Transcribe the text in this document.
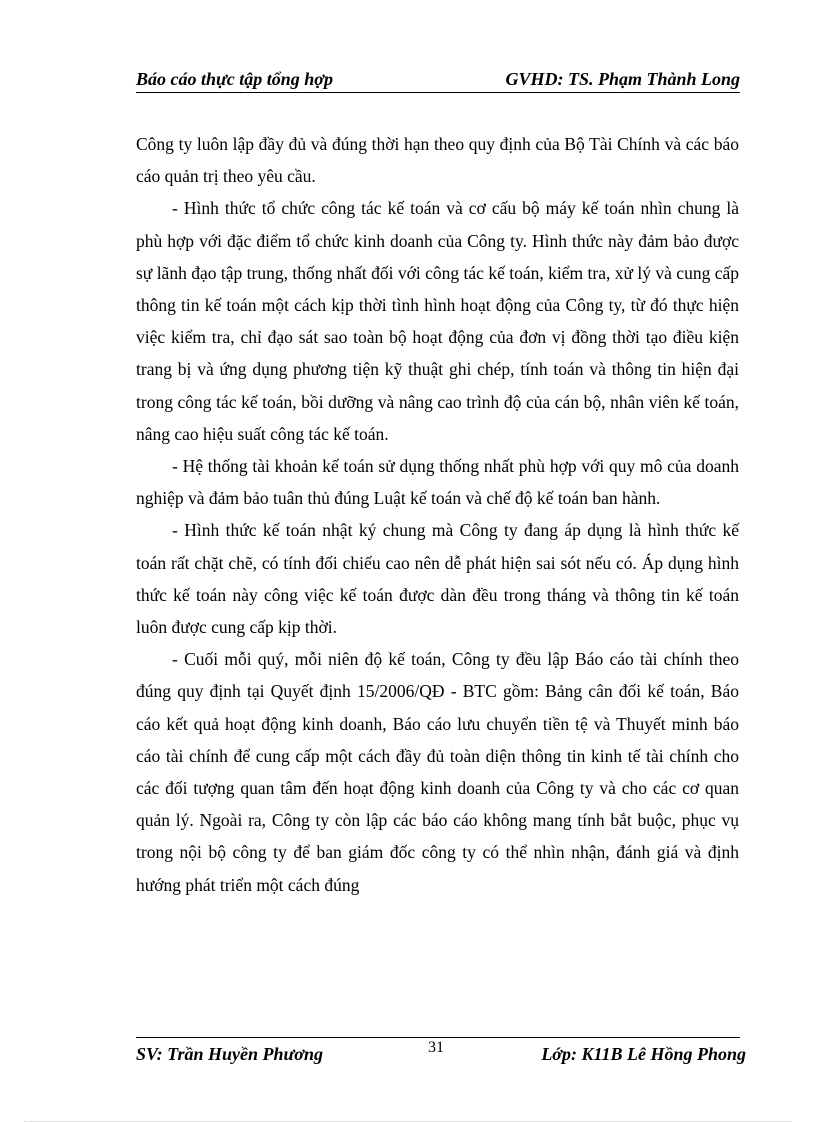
Báo cáo thực tập tổng hợp	GVHD: TS. Phạm Thành Long

Công ty luôn lập đầy đủ và đúng thời hạn theo quy định của Bộ Tài Chính và các báo cáo quản trị theo yêu cầu.

- Hình thức tổ chức công tác kế toán và cơ cấu bộ máy kế toán nhìn chung là phù hợp với đặc điểm tổ chức kinh doanh của Công ty. Hình thức này đảm bảo được sự lãnh đạo tập trung, thống nhất đối với công tác kế toán, kiểm tra, xử lý và cung cấp thông tin kế toán một cách kịp thời tình hình hoạt động của Công ty, từ đó thực hiện việc kiểm tra, chỉ đạo sát sao toàn bộ hoạt động của đơn vị đồng thời tạo điều kiện trang bị và ứng dụng phương tiện kỹ thuật ghi chép, tính toán và thông tin hiện đại trong công tác kế toán, bồi dưỡng và nâng cao trình độ của cán bộ, nhân viên kế toán, nâng cao hiệu suất công tác kế toán.

- Hệ thống tài khoản kế toán sử dụng thống nhất phù hợp với quy mô của doanh nghiệp và đảm bảo tuân thủ đúng Luật kế toán và chế độ kế toán ban hành.

- Hình thức kế toán nhật ký chung mà Công ty đang áp dụng là hình thức kế toán rất chặt chẽ, có tính đối chiếu cao nên dễ phát hiện sai sót nếu có. Áp dụng hình thức kế toán này công việc kế toán được dàn đều trong tháng và thông tin kế toán luôn được cung cấp kịp thời.

- Cuối mỗi quý, mỗi niên độ kế toán, Công ty đều lập Báo cáo tài chính theo đúng quy định tại Quyết định 15/2006/QĐ - BTC gồm: Bảng cân đối kế toán, Báo cáo kết quả hoạt động kinh doanh, Báo cáo lưu chuyển tiền tệ và Thuyết minh báo cáo tài chính để cung cấp một cách đầy đủ toàn diện thông tin kinh tế tài chính cho các đối tượng quan tâm đến hoạt động kinh doanh của Công ty và cho các cơ quan quản lý. Ngoài ra, Công ty còn lập các báo cáo không mang tính bắt buộc, phục vụ trong nội bộ công ty để ban giám đốc công ty có thể nhìn nhận, đánh giá và định hướng phát triển một cách đúng

31
SV: Trần Huyền Phương	Lớp: K11B Lê Hồng Phong
